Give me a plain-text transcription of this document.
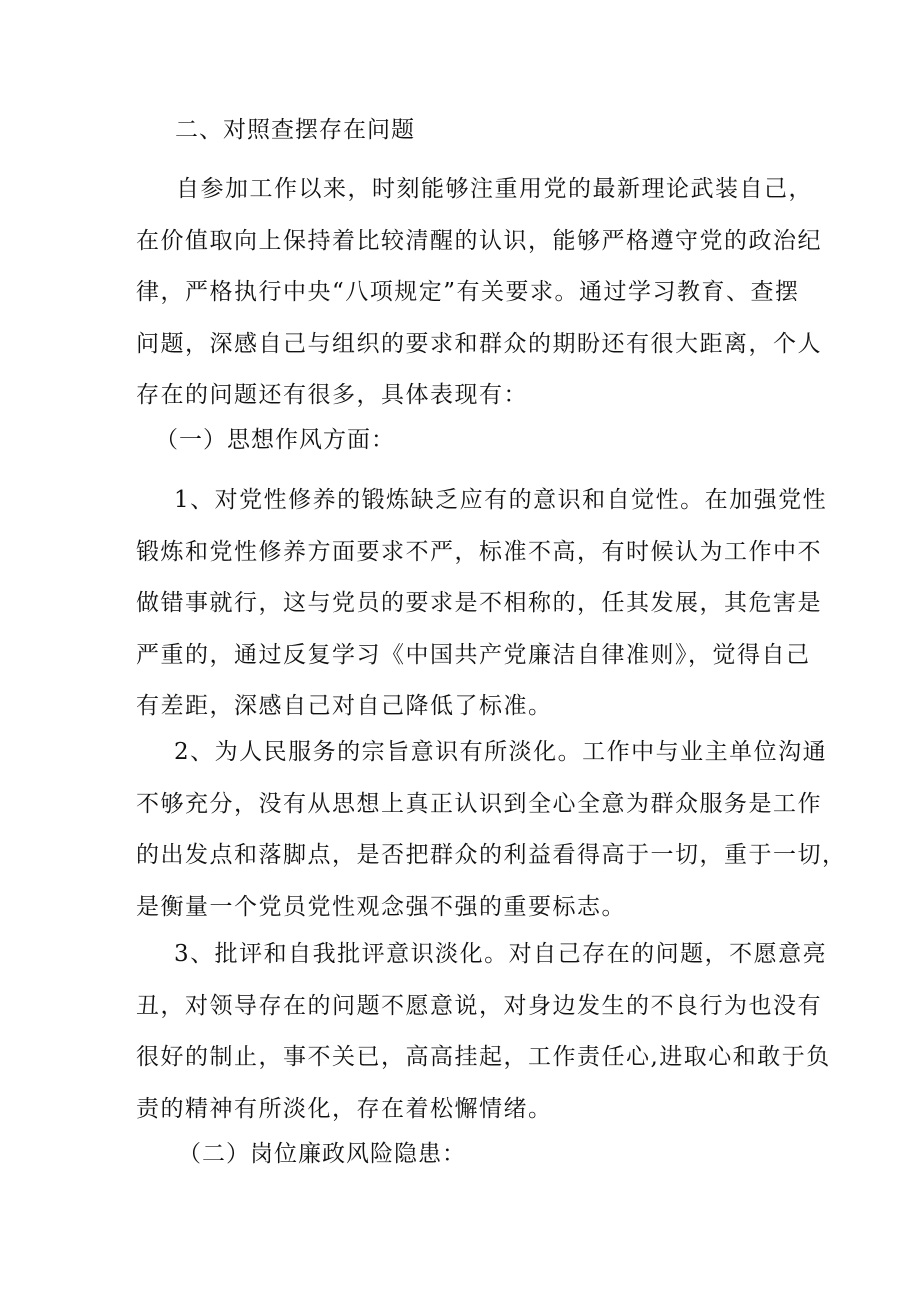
二、对照查摆存在问题
自参加工作以来，时刻能够注重用党的最新理论武装自己，
在价值取向上保持着比较清醒的认识，能够严格遵守党的政治纪
律，严格执行中央“八项规定”有关要求。通过学习教育、查摆
问题，深感自己与组织的要求和群众的期盼还有很大距离，个人
存在的问题还有很多，具体表现有：
（一）思想作风方面：
1、对党性修养的锻炼缺乏应有的意识和自觉性。在加强党性
锻炼和党性修养方面要求不严，标准不高，有时候认为工作中不
做错事就行，这与党员的要求是不相称的，任其发展，其危害是
严重的，通过反复学习《中国共产党廉洁自律准则》，觉得自己
有差距，深感自己对自己降低了标准。
2、为人民服务的宗旨意识有所淡化。工作中与业主单位沟通
不够充分，没有从思想上真正认识到全心全意为群众服务是工作
的出发点和落脚点，是否把群众的利益看得高于一切，重于一切，
是衡量一个党员党性观念强不强的重要标志。
3、批评和自我批评意识淡化。对自己存在的问题，不愿意亮
丑，对领导存在的问题不愿意说，对身边发生的不良行为也没有
很好的制止，事不关已，高高挂起，工作责任心,进取心和敢于负
责的精神有所淡化，存在着松懈情绪。
（二）岗位廉政风险隐患：
